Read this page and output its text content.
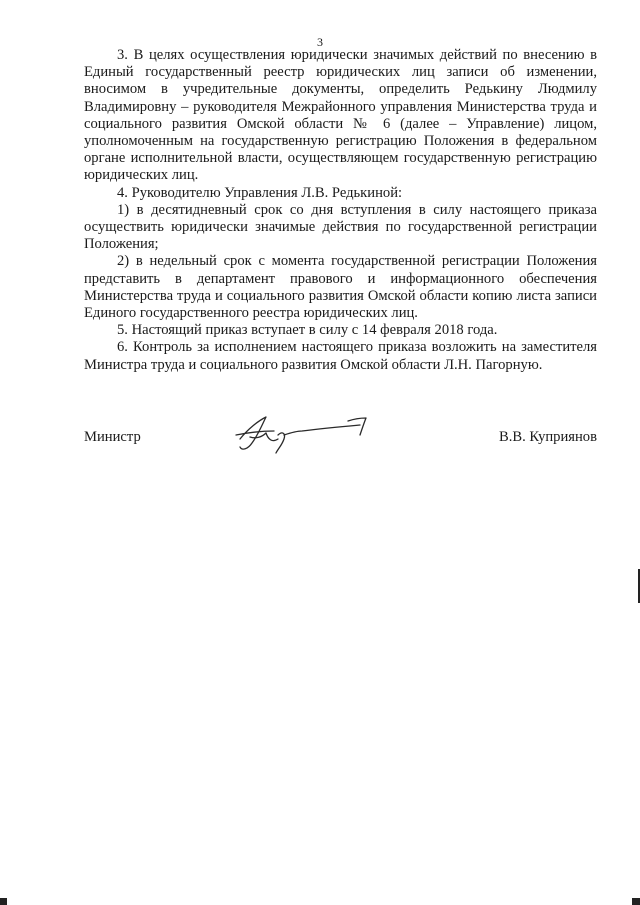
3

3. В целях осуществления юридически значимых действий по внесению в Единый государственный реестр юридических лиц записи об изменении, вносимом в учредительные документы, определить Редькину Людмилу Владимировну – руководителя Межрайонного управления Министерства труда и социального развития Омской области № 6 (далее – Управление) лицом, уполномоченным на государственную регистрацию Положения в федеральном органе исполнительной власти, осуществляющем государственную регистрацию юридических лиц.

4. Руководителю Управления Л.В. Редькиной:

1) в десятидневный срок со дня вступления в силу настоящего приказа осуществить юридически значимые действия по государственной регистрации Положения;

2) в недельный срок с момента государственной регистрации Положения представить в департамент правового и информационного обеспечения Министерства труда и социального развития Омской области копию листа записи Единого государственного реестра юридических лиц.

5. Настоящий приказ вступает в силу с 14 февраля 2018 года.

6. Контроль за исполнением настоящего приказа возложить на заместителя Министра труда и социального развития Омской области Л.Н. Пагорную.

Министр	В.В. Куприянов
